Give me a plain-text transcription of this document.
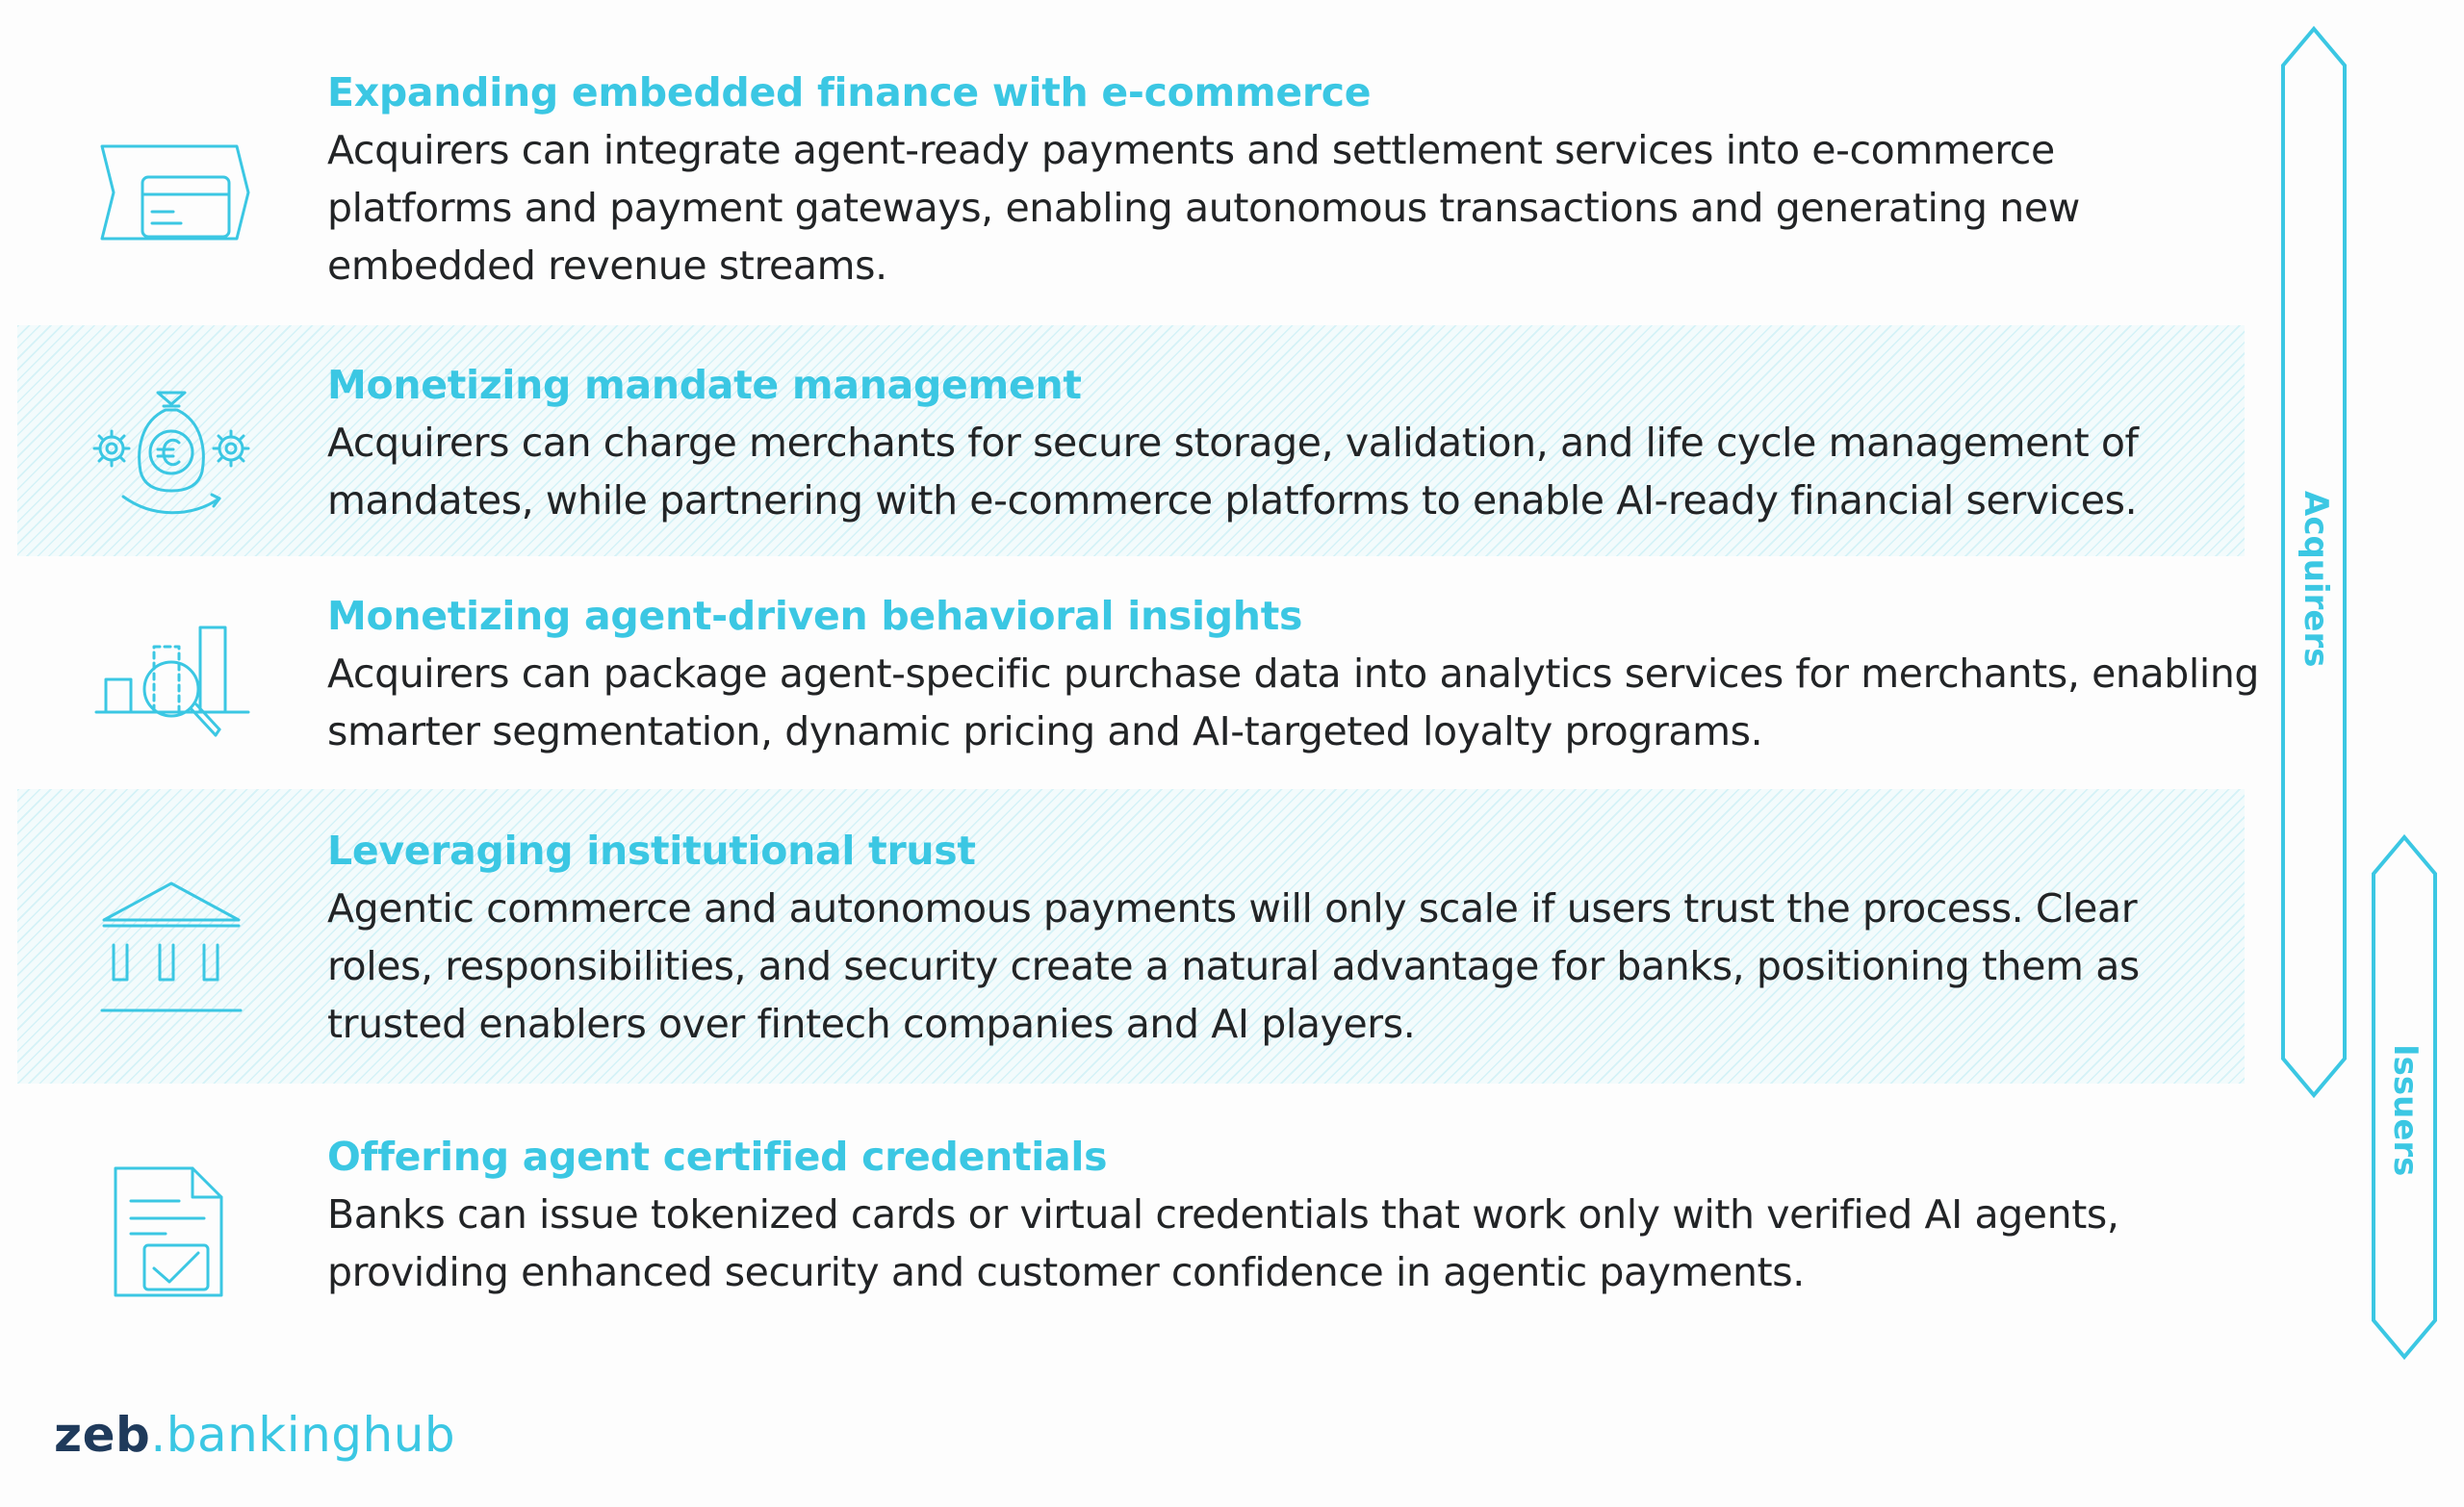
Expanding embedded finance with e-commerce

Acquirers can integrate agent-ready payments and settlement services into e-commerce
platforms and payment gateways, enabling autonomous transactions and generating new
embedded revenue streams.

Monetizing mandate management

Acquirers can charge merchants for secure storage, validation, and life cycle management of
mandates, while partnering with e-commerce platforms to enable AI-ready financial services.

Monetizing agent-driven behavioral insights

Acquirers can package agent-specific purchase data into analytics services for merchants, enabling
smarter segmentation, dynamic pricing and AI-targeted loyalty programs.

Leveraging institutional trust

Agentic commerce and autonomous payments will only scale if users trust the process. Clear
roles, responsibilities, and security create a natural advantage for banks, positioning them as
trusted enablers over fintech companies and AI players.

Offering agent certified credentials

Banks can issue tokenized cards or virtual credentials that work only with verified AI agents,
providing enhanced security and customer confidence in agentic payments.

Acquirers
Issuers
zeb.bankinghub
